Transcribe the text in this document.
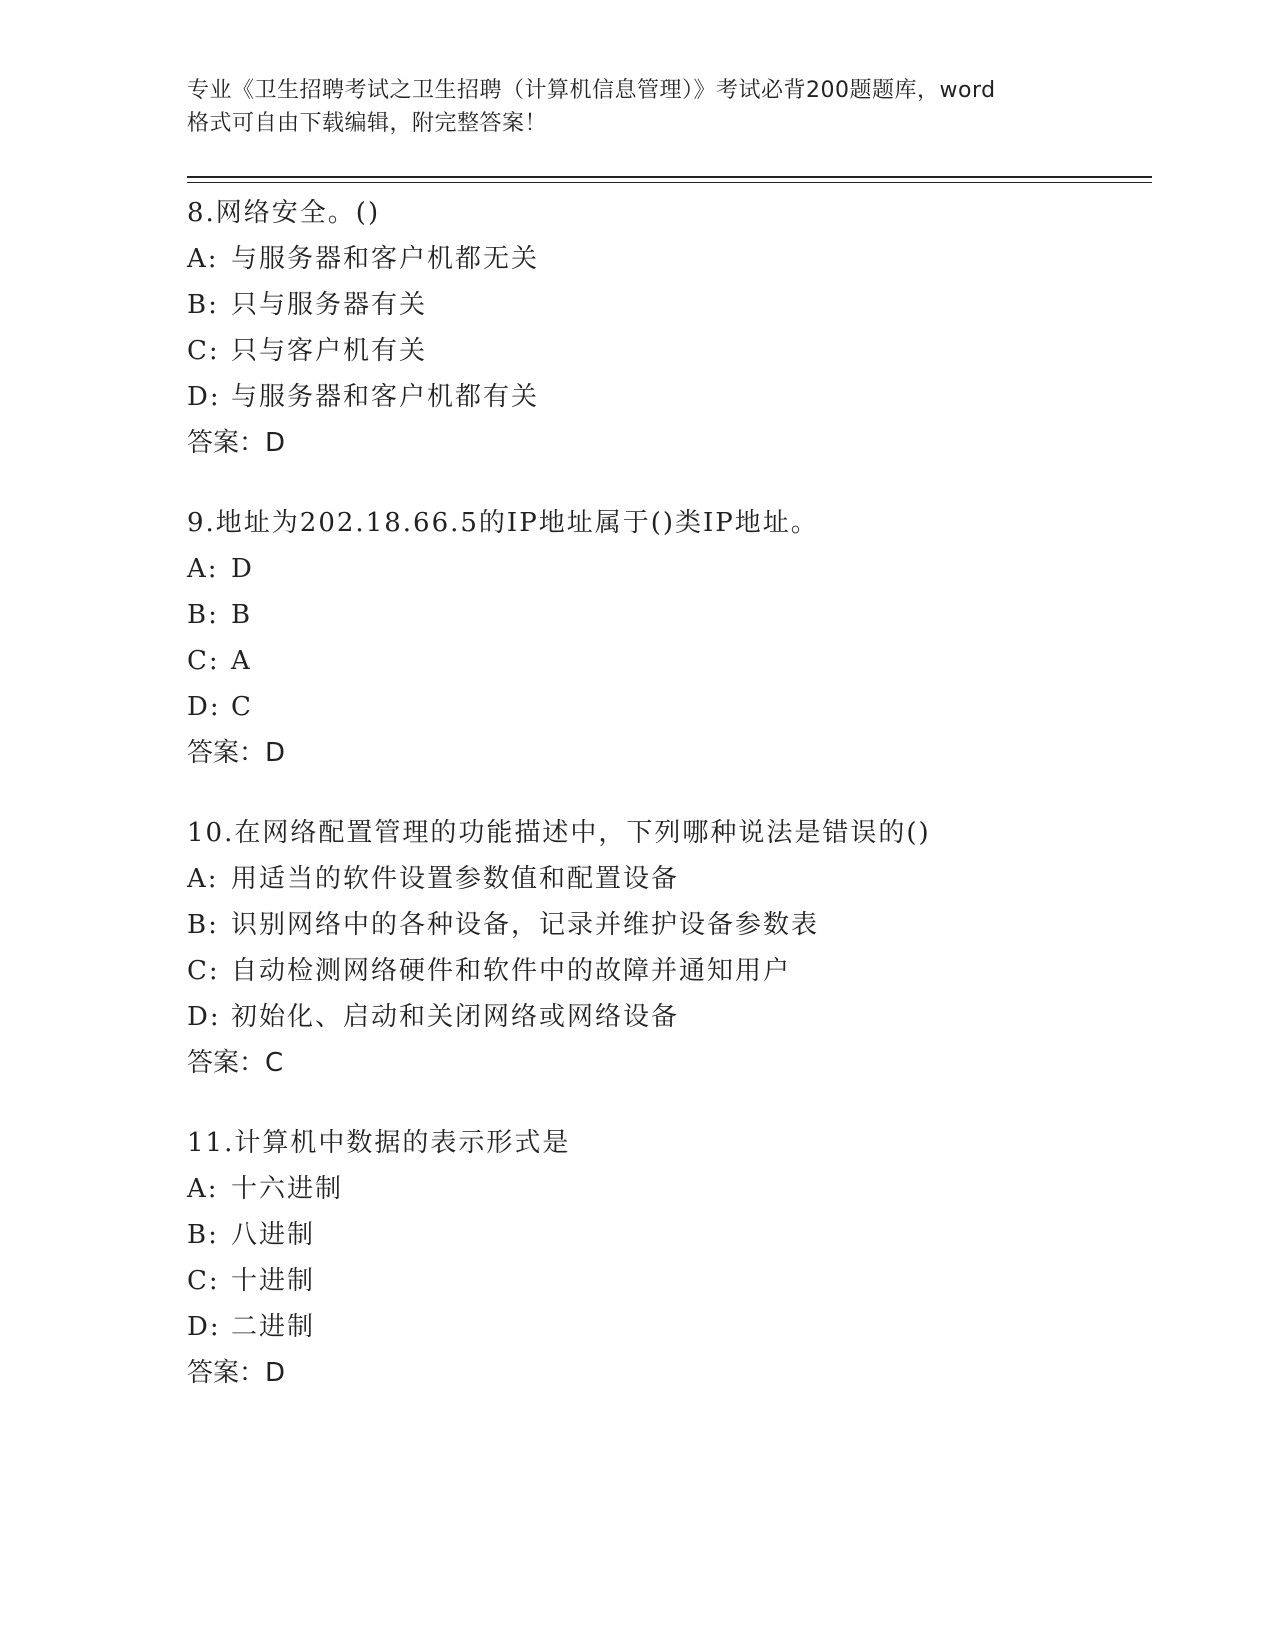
专业《卫生招聘考试之卫生招聘（计算机信息管理）》考试必背200题题库，word
格式可自由下载编辑，附完整答案！
8.网络安全。()
A: 与服务器和客户机都无关
B: 只与服务器有关
C: 只与客户机有关
D: 与服务器和客户机都有关
答案：D
9.地址为202.18.66.5的IP地址属于()类IP地址。
A: D
B: B
C: A
D: C
答案：D
10.在网络配置管理的功能描述中，下列哪种说法是错误的()
A: 用适当的软件设置参数值和配置设备
B: 识别网络中的各种设备，记录并维护设备参数表
C: 自动检测网络硬件和软件中的故障并通知用户
D: 初始化、启动和关闭网络或网络设备
答案：C
11.计算机中数据的表示形式是
A: 十六进制
B: 八进制
C: 十进制
D: 二进制
答案：D
